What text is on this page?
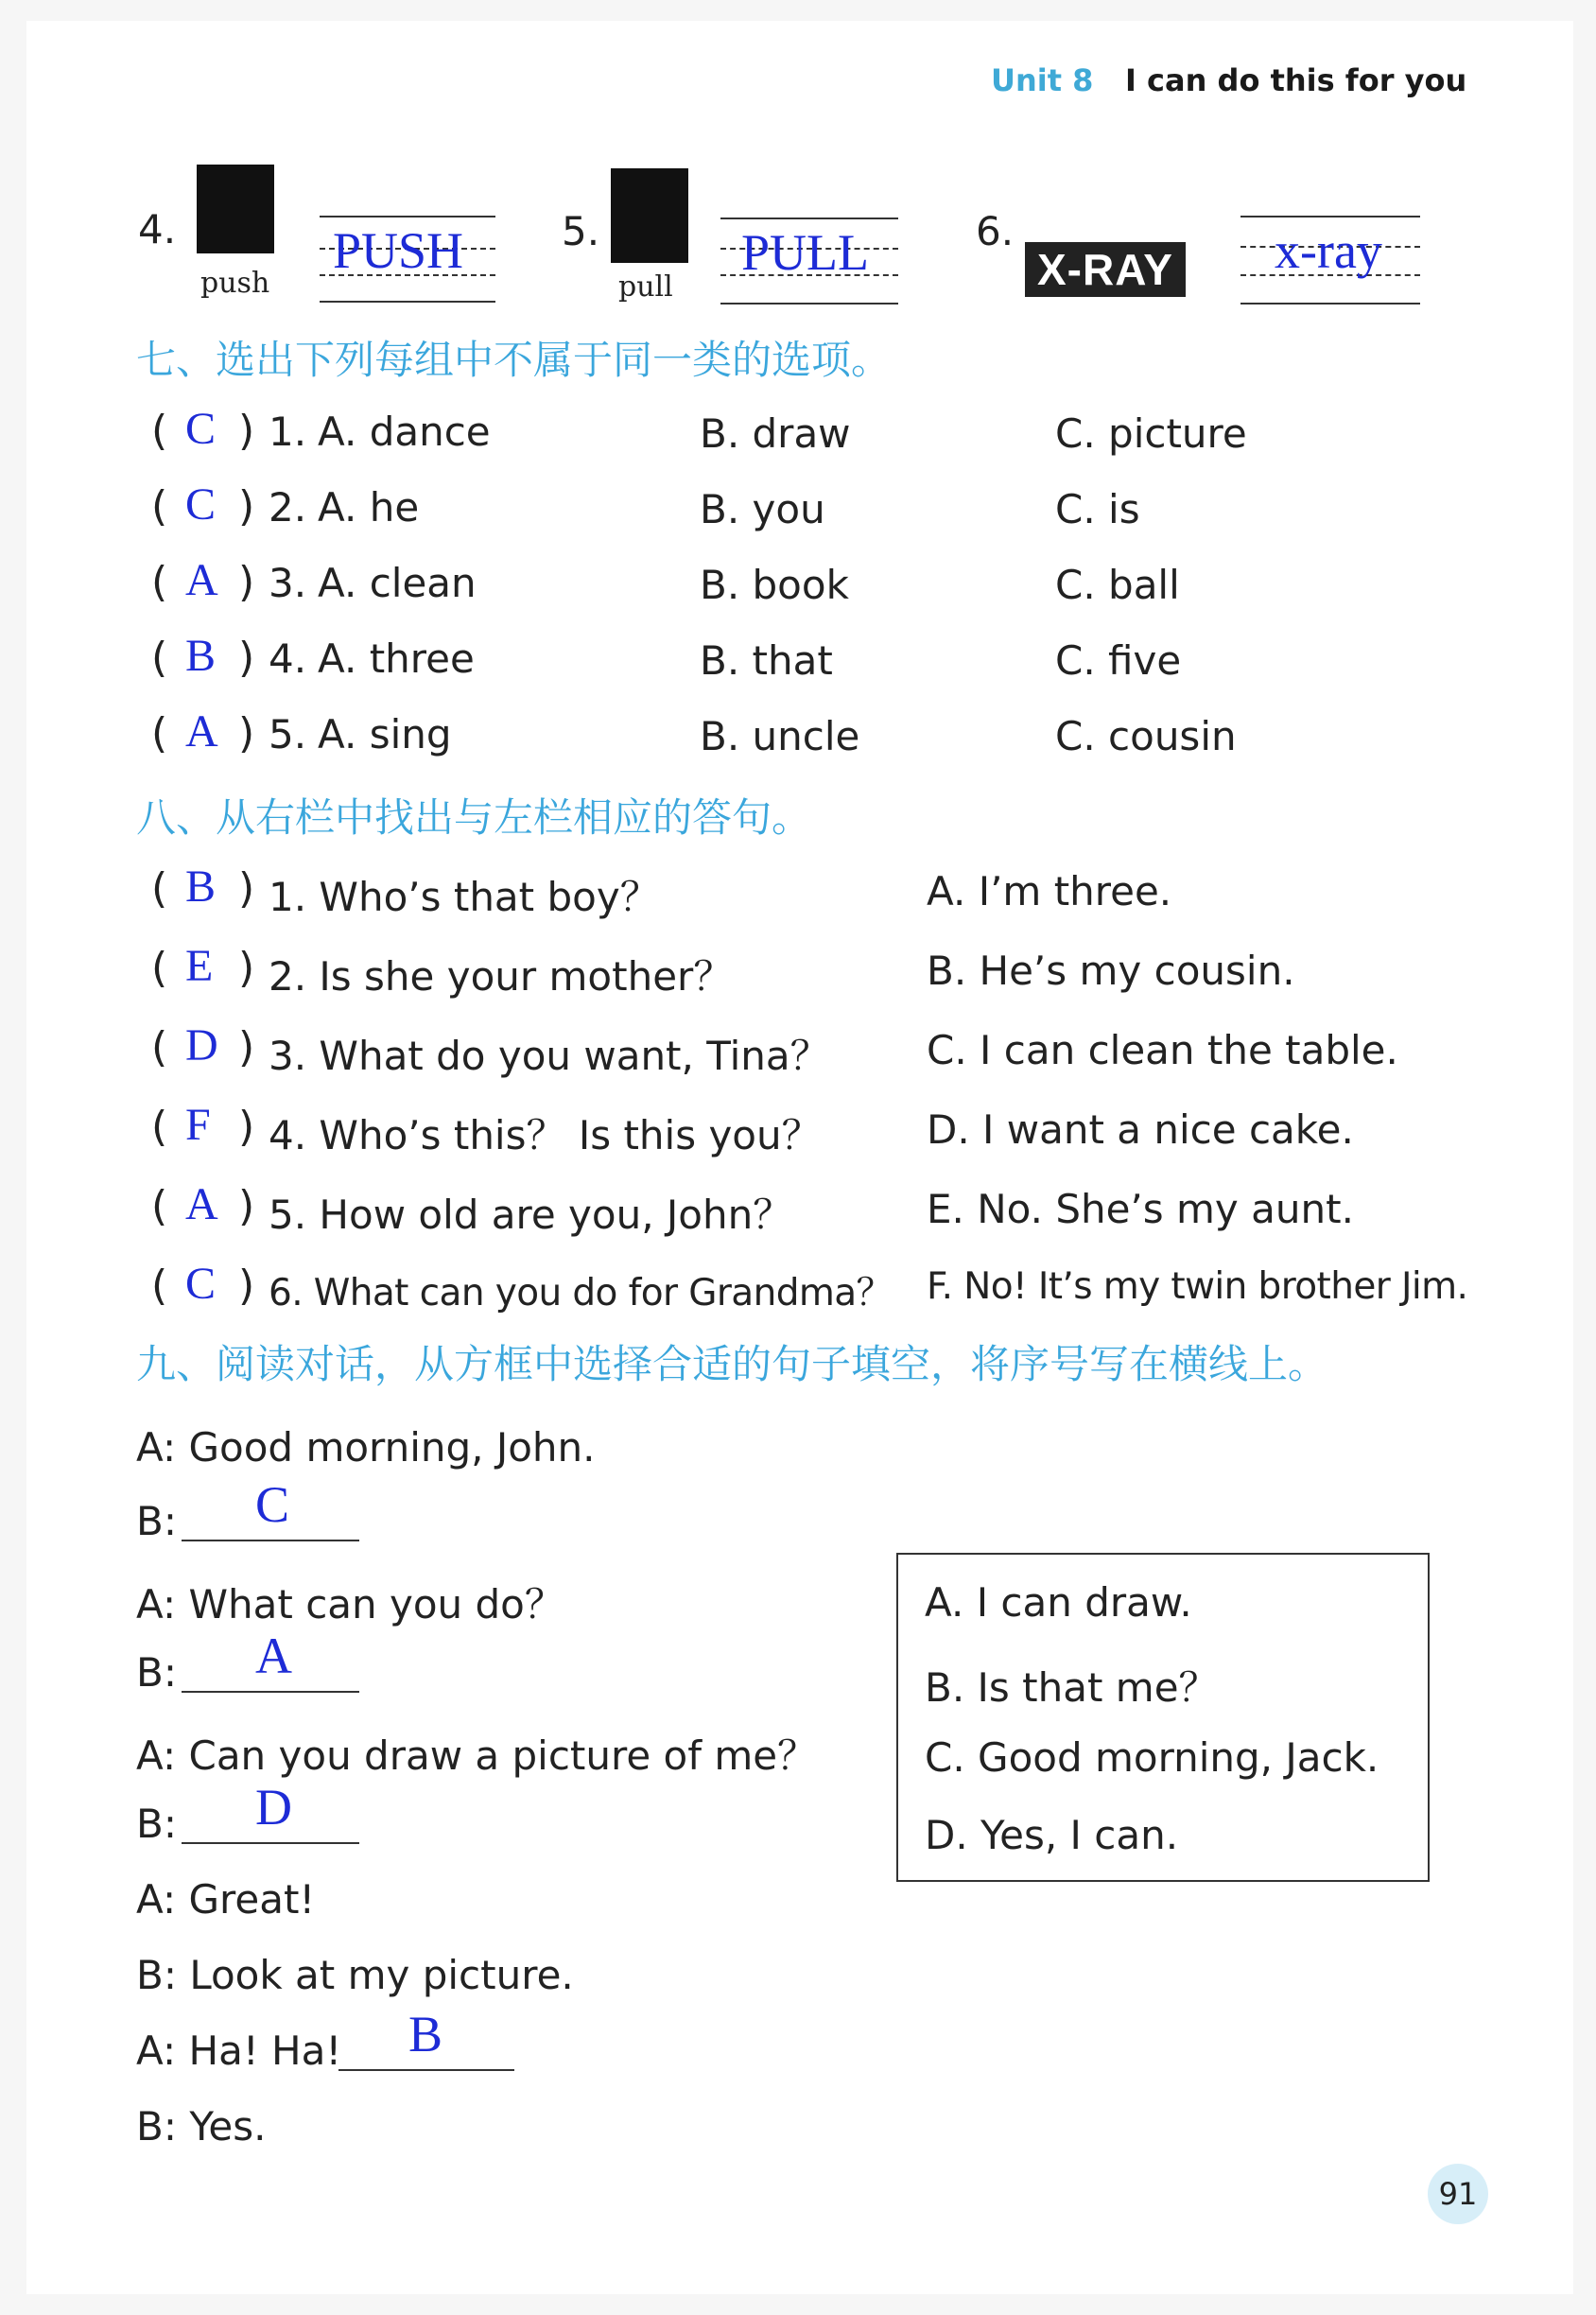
Unit 8 I can do this for you
4.
push
PUSH 5.
pull
PULL	6.
X-RAY x-ray
七、选出下列每组中不属于同一类的选项。
( C ) 1. A. dance	B. draw	C. picture
( C ) 2. A. he	B. you	C. is
( A ) 3. A. clean	B. book	C. ball
( B ) 4. A. three	B. that	C. five
( A ) 5. A. sing	B. uncle	C. cousin
八、从右栏中找出与左栏相应的答句。
( B ) 1. Who’s that boy？	A. I’m three.
( E ) 2. Is she your mother？	B. He’s my cousin.
( D ) 3. What do you want, Tina？ C. I can clean the table.
( F ) 4. Who’s this？ Is this you？	D. I want a nice cake.
( A ) 5. How old are you, John？	E. No. She’s my aunt.
( C ) 6. What can you do for Grandma？ F. No! It’s my twin brother Jim.
九、阅读对话，从方框中选择合适的句子填空，将序号写在横线上。
A: Good morning, John.
B: C
A: What can you do？
B: A
A: Can you draw a picture of me？
B: D
A: Great!
B: Look at my picture.
A: Ha! Ha! B
B: Yes.
A. I can draw.
B. Is that me？
C. Good morning, Jack.
D. Yes, I can.
91
